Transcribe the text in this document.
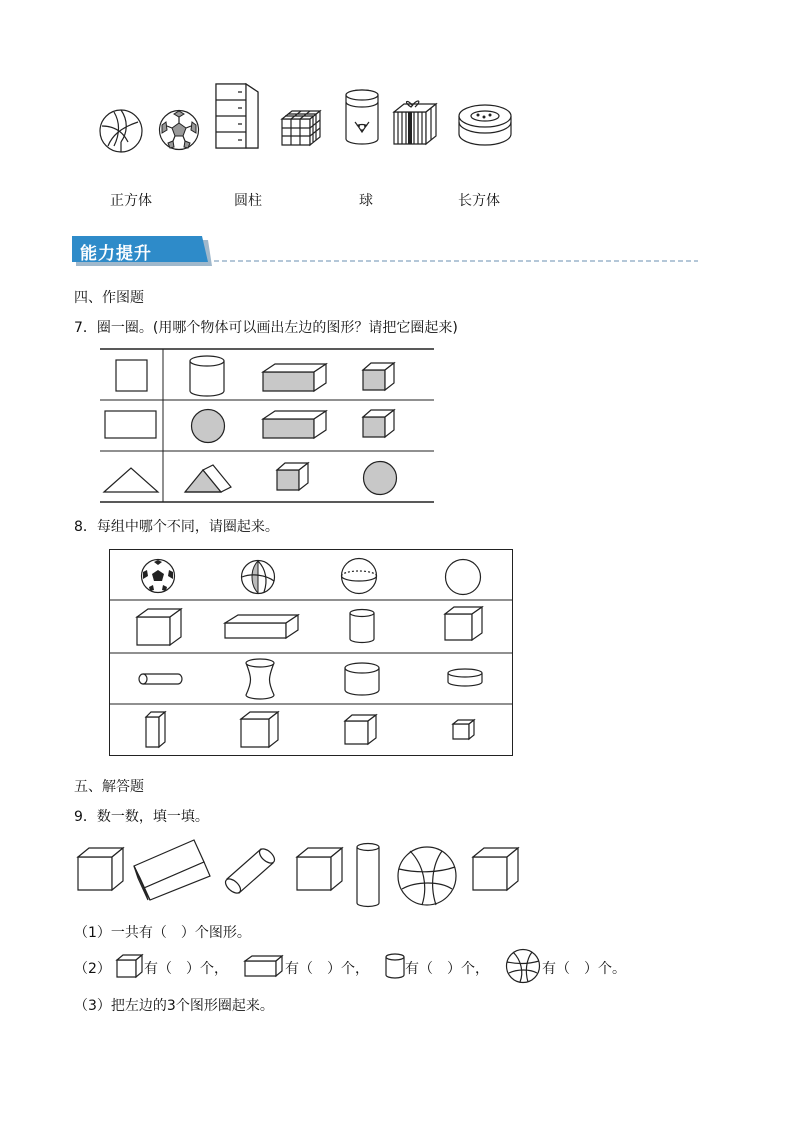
正方体	圆柱	球	长方体
能力提升
四、作图题
7．圈一圈。(用哪个物体可以画出左边的图形？请把它圈起来)
8．每组中哪个不同，请圈起来。
五、解答题
9．数一数，填一填。
（1）一共有（　）个图形。
（2） 有（　）个，	有（　）个，	有（　）个，	有（　）个。
（3）把左边的3个图形圈起来。
